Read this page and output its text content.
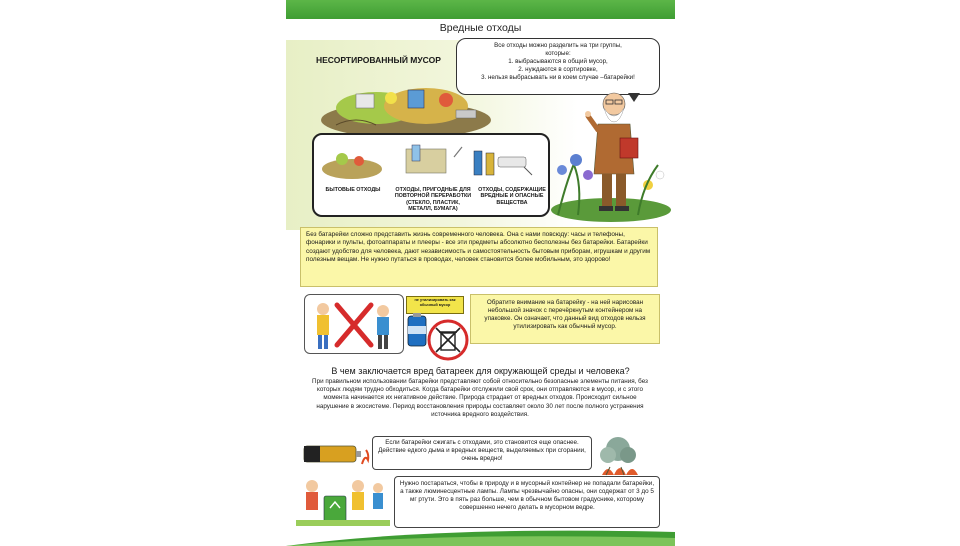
Вредные отходы
НЕСОРТИРОВАННЫЙ МУСОР
Все отходы можно разделить на три группы,
которые:
1. выбрасываются в общий мусор,
2. нуждаются в сортировке,
3. нельзя выбрасывать ни в коем случае –батарейки!
БЫТОВЫЕ ОТХОДЫ	ОТХОДЫ, ПРИГОДНЫЕ ДЛЯ ПОВТОРНОЙ ПЕРЕРАБОТКИ (СТЕКЛО, ПЛАСТИК, МЕТАЛЛ, БУМАГА)
ОТХОДЫ, СОДЕРЖАЩИЕ ВРЕДНЫЕ И ОПАСНЫЕ ВЕЩЕСТВА
Без батарейки сложно представить жизнь современного человека. Она с нами повсюду: часы и телефоны, фонарики и пульты, фотоаппараты и плееры - все эти предметы абсолютно бесполезны без батарейки. Батарейки создают удобство для человека, дают независимость и самостоятельность бытовым приборам, игрушкам и другим полезным вещам. Не нужно путаться в проводах, человек становится более мобильным, это здорово!
не утилизировать как обычный мусор	Обратите внимание на батарейку - на ней нарисован небольшой значок с перечёркнутым контейнером на упаковке. Он означает, что данный вид отходов нельзя утилизировать как обычный мусор.
В чем заключается вред батареек для окружающей среды и человека?
При правильном использовании батарейки представляют собой относительно безопасные элементы питания, без которых людям трудно обходиться. Когда батарейки отслужили свой срок, они отправляются в мусор, и с этого момента начинается их негативное действие. Природа страдает от вредных отходов. Происходит сильное нарушение в экосистеме. Период восстановления природы составляет около 30 лет после полного устранения источника вредного воздействия.
Если батарейки сжигать с отходами, это становится еще опаснее. Действие едкого дыма и вредных веществ, выделяемых при сгорании, очень вредно!
Нужно постараться, чтобы в природу и в мусорный контейнер не попадали батарейки, а также люминесцентные лампы. Лампы чрезвычайно опасны, они содержат от 3 до 5 мг ртути. Это в пять раз больше, чем в обычном бытовом градуснике, которому совершенно нечего делать в мусорном ведре.
